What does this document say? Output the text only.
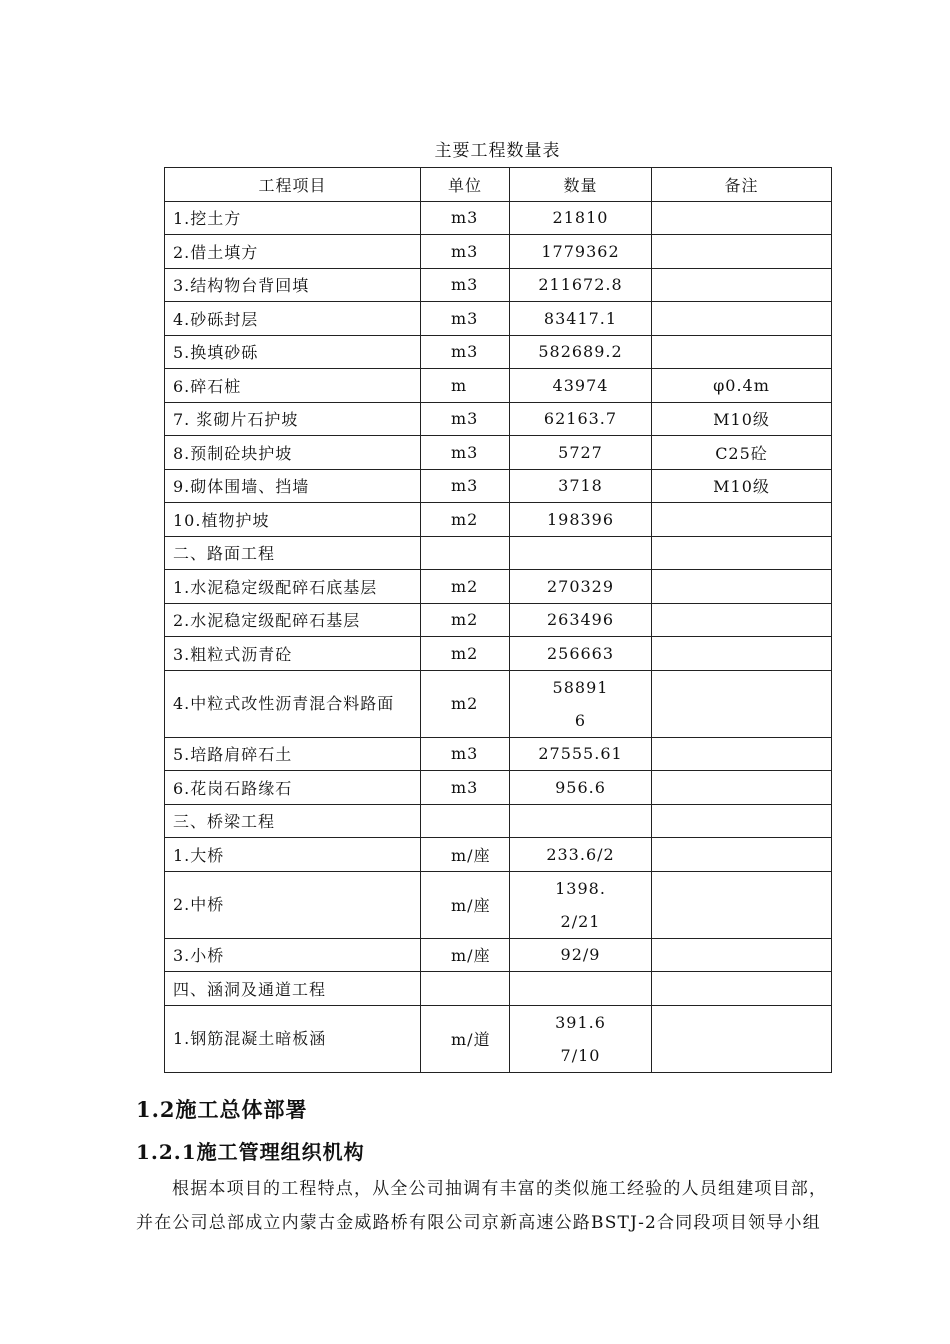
主要工程数量表
工程项目	单位	数量	备注
1.挖土方	m3	21810	
2.借土填方	m3	1779362	
3.结构物台背回填	m3	211672.8	
4.砂砾封层	m3	83417.1	
5.换填砂砾	m3	582689.2	
6.碎石桩	m	43974	φ0.4m
7. 浆砌片石护坡	m3	62163.7	M10级
8.预制砼块护坡	m3	5727	C25砼
9.砌体围墙、挡墙	m3	3718	M10级
10.植物护坡	m2	198396	
二、路面工程			
1.水泥稳定级配碎石底基层	m2	270329	
2.水泥稳定级配碎石基层	m2	263496	
3.粗粒式沥青砼	m2	256663	
4.中粒式改性沥青混合料路面	m2	588916	
5.培路肩碎石土	m3	27555.61	
6.花岗石路缘石	m3	956.6	
三、桥梁工程			
1.大桥	m/座	233.6/2	
2.中桥	m/座	1398.2/21	
3.小桥	m/座	92/9	
四、涵洞及通道工程			
1.钢筋混凝土暗板涵	m/道	391.67/10	
1.2施工总体部署
1.2.1施工管理组织机构
根据本项目的工程特点，从全公司抽调有丰富的类似施工经验的人员组建项目部，
并在公司总部成立内蒙古金威路桥有限公司京新高速公路BSTJ-2合同段项目领导小组
